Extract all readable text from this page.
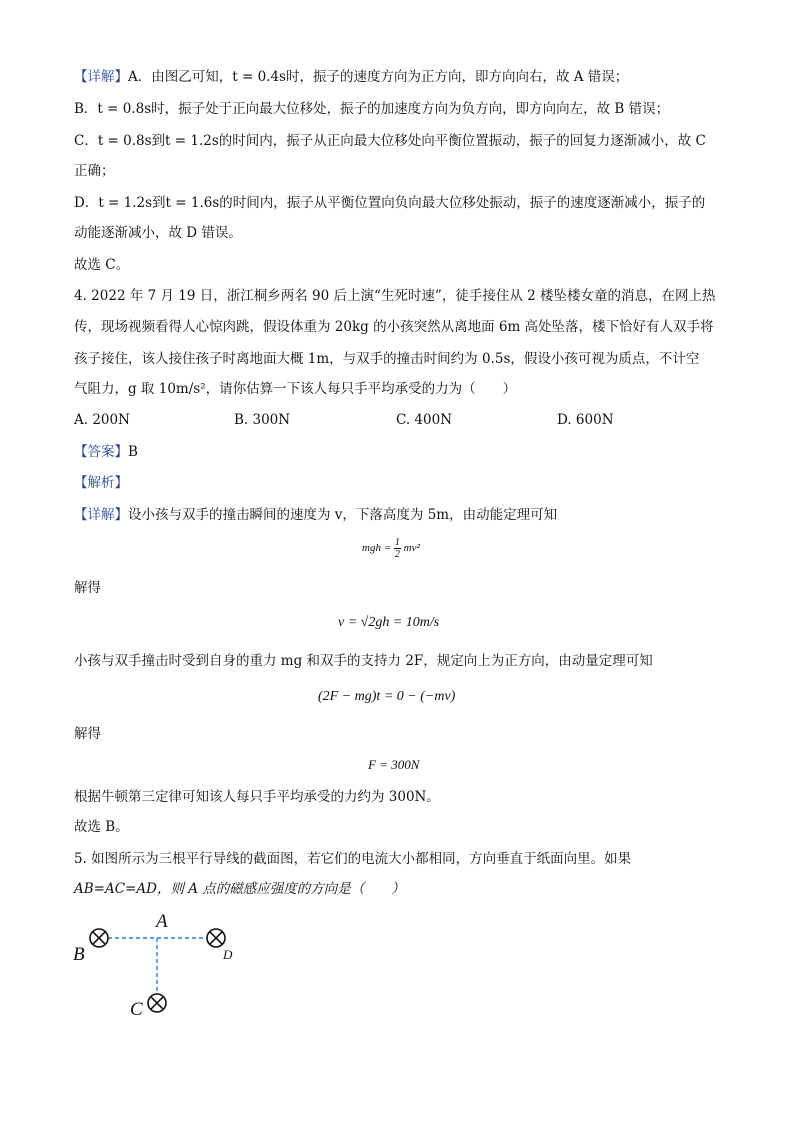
【详解】A．由图乙可知，t = 0.4s时，振子的速度方向为正方向，即方向向右，故 A 错误；
B．t = 0.8s时，振子处于正向最大位移处，振子的加速度方向为负方向，即方向向左，故 B 错误；
C．t = 0.8s到t = 1.2s的时间内，振子从正向最大位移处向平衡位置振动，振子的回复力逐渐减小，故 C
正确；
D．t = 1.2s到t = 1.6s的时间内，振子从平衡位置向负向最大位移处振动，振子的速度逐渐减小，振子的
动能逐渐减小，故 D 错误。
故选 C。
4. 2022 年 7 月 19 日，浙江桐乡两名 90 后上演“生死时速”，徒手接住从 2 楼坠楼女童的消息，在网上热
传，现场视频看得人心惊肉跳，假设体重为 20kg 的小孩突然从离地面 6m 高处坠落，楼下恰好有人双手将
孩子接住，该人接住孩子时离地面大概 1m，与双手的撞击时间约为 0.5s，假设小孩可视为质点，不计空
气阻力，g 取 10m/s²，请你估算一下该人每只手平均承受的力为（　　）
A. 200N	B. 300N	C. 400N	D. 600N
【答案】B
【解析】
【详解】设小孩与双手的撞击瞬间的速度为 v，下落高度为 5m，由动能定理可知
mgh = $\frac{1}{2} mv^2$
解得
v = √2gh = 10m/s
小孩与双手撞击时受到自身的重力 mg 和双手的支持力 2F，规定向上为正方向，由动量定理可知
(2F − mg)t = 0 − (−mv)
解得
F = 300N
根据牛顿第三定律可知该人每只手平均承受的力约为 300N。
故选 B。
5. 如图所示为三根平行导线的截面图，若它们的电流大小都相同，方向垂直于纸面向里。如果
AB=AC=AD，则 A 点的磁感应强度的方向是（　　）
A
B	D
C
